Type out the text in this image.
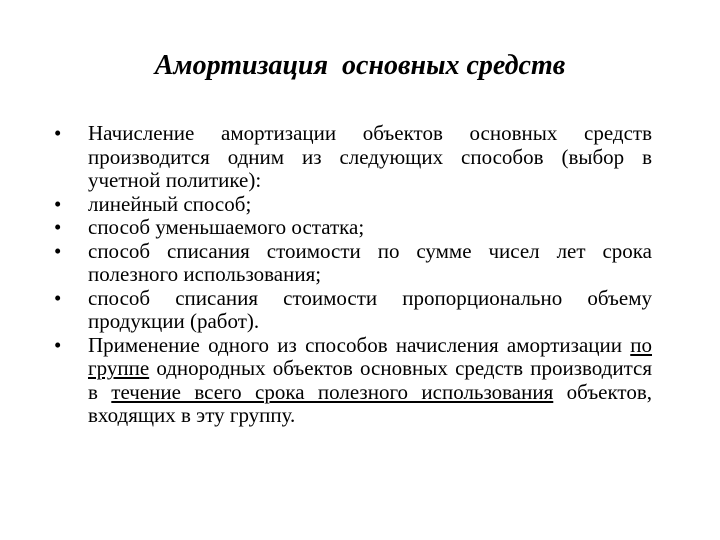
Амортизация  основных средств
•	Начисление амортизации объектов основных средств производится одним из следующих способов (выбор в учетной политике):
•	линейный способ;
•	способ уменьшаемого остатка;
•	способ списания стоимости по сумме чисел лет срока полезного использования;
•	способ списания стоимости пропорционально объему продукции (работ).
•	Применение одного из способов начисления амортизации по группе однородных объектов основных средств производится в течение всего срока полезного использования объектов, входящих в эту группу.
